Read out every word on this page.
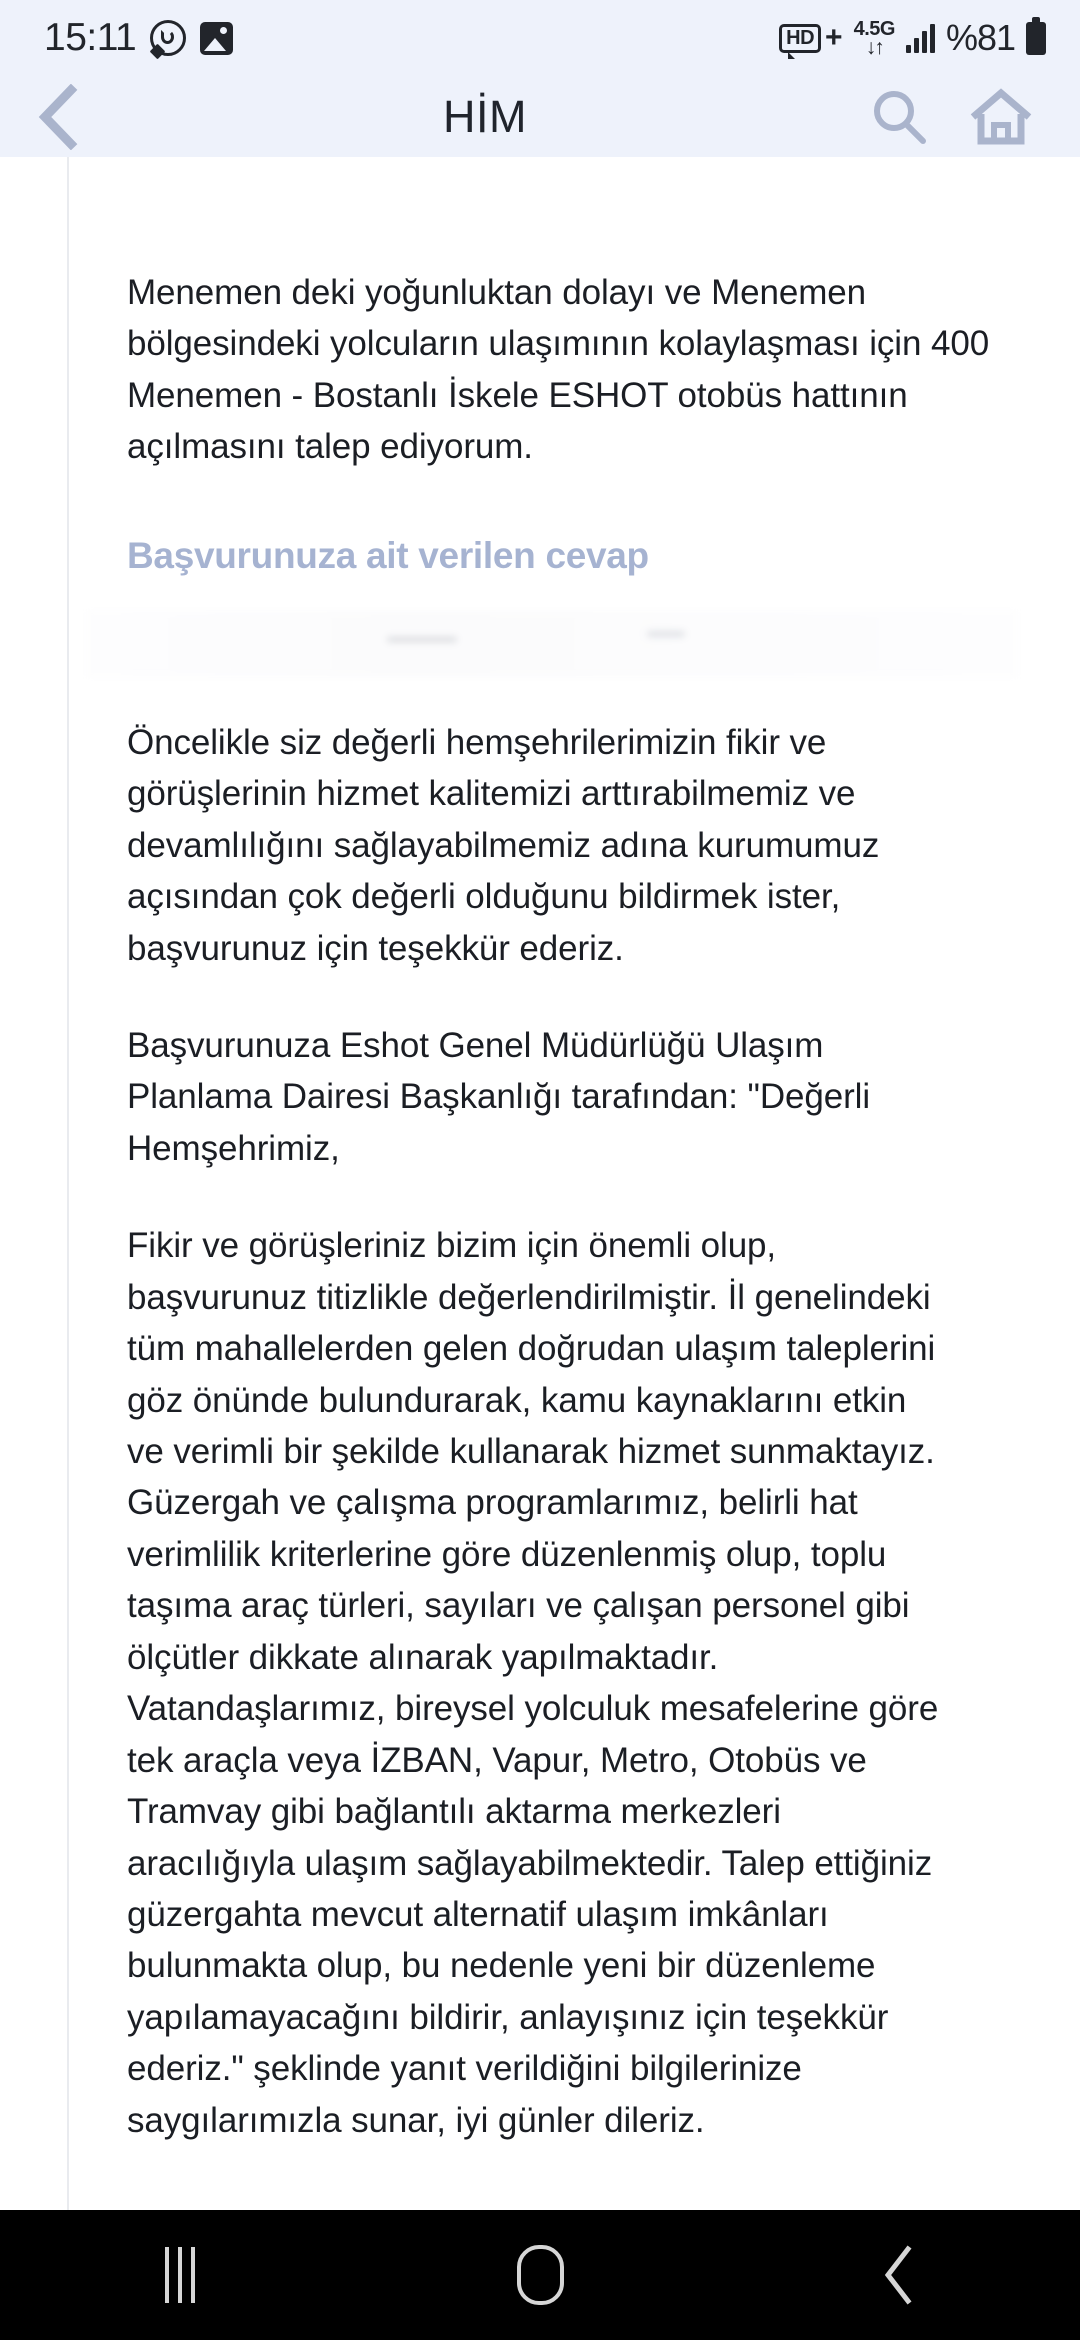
15:11	HD + 4.5G
↓↑ %81
HİM
Menemen deki yoğunluktan dolayı ve Menemen bölgesindeki yolcuların ulaşımının kolaylaşması için 400 Menemen - Bostanlı İskele ESHOT otobüs hattının açılmasını talep ediyorum.
Başvurunuza ait verilen cevap
Öncelikle siz değerli hemşehrilerimizin fikir ve görüşlerinin hizmet kalitemizi arttırabilmemiz ve devamlılığını sağlayabilmemiz adına kurumumuz açısından çok değerli olduğunu bildirmek ister, başvurunuz için teşekkür ederiz.
Başvurunuza Eshot Genel Müdürlüğü Ulaşım Planlama Dairesi Başkanlığı tarafından: "Değerli Hemşehrimiz,
Fikir ve görüşleriniz bizim için önemli olup, başvurunuz titizlikle değerlendirilmiştir. İl genelindeki tüm mahallelerden gelen doğrudan ulaşım taleplerini göz önünde bulundurarak, kamu kaynaklarını etkin ve verimli bir şekilde kullanarak hizmet sunmaktayız. Güzergah ve çalışma programlarımız, belirli hat verimlilik kriterlerine göre düzenlenmiş olup, toplu taşıma araç türleri, sayıları ve çalışan personel gibi ölçütler dikkate alınarak yapılmaktadır. Vatandaşlarımız, bireysel yolculuk mesafelerine göre tek araçla veya İZBAN, Vapur, Metro, Otobüs ve Tramvay gibi bağlantılı aktarma merkezleri aracılığıyla ulaşım sağlayabilmektedir. Talep ettiğiniz güzergahta mevcut alternatif ulaşım imkânları bulunmakta olup, bu nedenle yeni bir düzenleme yapılamayacağını bildirir, anlayışınız için teşekkür ederiz." şeklinde yanıt verildiğini bilgilerinize saygılarımızla sunar, iyi günler dileriz.
